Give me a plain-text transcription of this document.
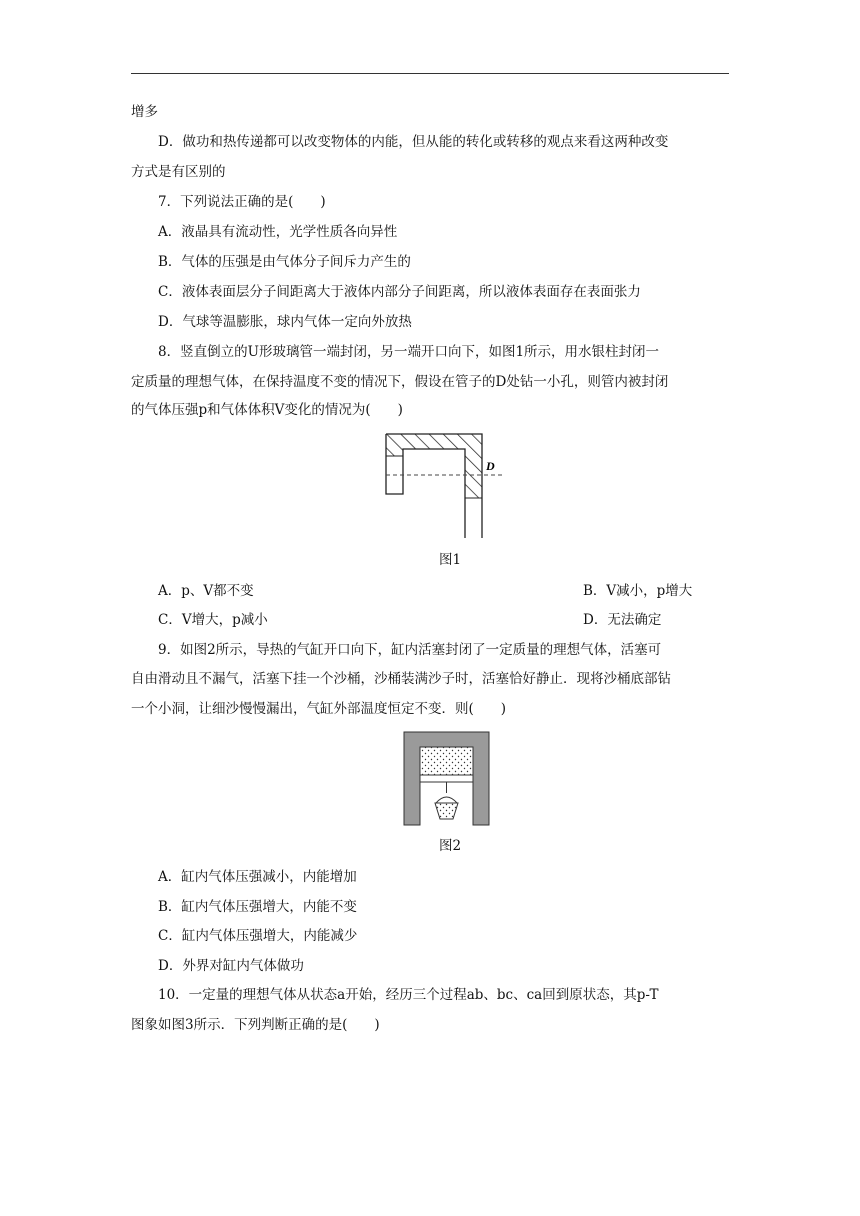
增多
D．做功和热传递都可以改变物体的内能，但从能的转化或转移的观点来看这两种改变
方式是有区别的
7．下列说法正确的是(　　)
A．液晶具有流动性，光学性质各向异性
B．气体的压强是由气体分子间斥力产生的
C．液体表面层分子间距离大于液体内部分子间距离，所以液体表面存在表面张力
D．气球等温膨胀，球内气体一定向外放热
8．竖直倒立的U形玻璃管一端封闭，另一端开口向下，如图1所示，用水银柱封闭一
定质量的理想气体，在保持温度不变的情况下，假设在管子的D处钻一小孔，则管内被封闭
的气体压强p和气体体积V变化的情况为(　　)
D
图1
A．p、V都不变	B．V减小，p增大
C．V增大，p减小	D．无法确定
9．如图2所示，导热的气缸开口向下，缸内活塞封闭了一定质量的理想气体，活塞可
自由滑动且不漏气，活塞下挂一个沙桶，沙桶装满沙子时，活塞恰好静止．现将沙桶底部钻
一个小洞，让细沙慢慢漏出，气缸外部温度恒定不变．则(　　)
图2
A．缸内气体压强减小，内能增加
B．缸内气体压强增大，内能不变
C．缸内气体压强增大，内能减少
D．外界对缸内气体做功
10．一定量的理想气体从状态a开始，经历三个过程ab、bc、ca回到原状态，其p-T
图象如图3所示．下列判断正确的是(　　)
